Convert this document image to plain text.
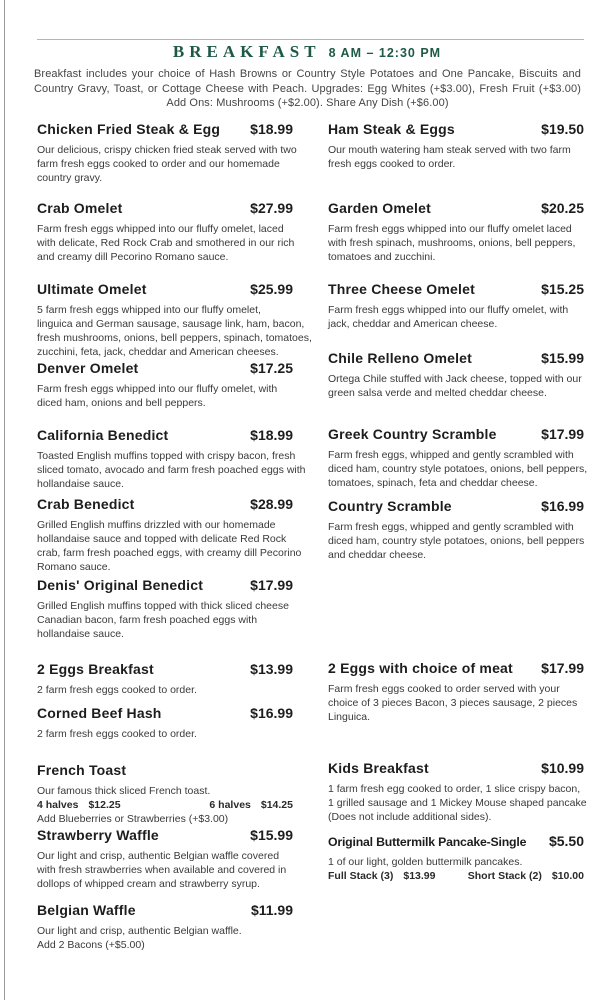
BREAKFAST 8 AM – 12:30 PM
Breakfast includes your choice of Hash Browns or Country Style Potatoes and One Pancake, Biscuits and Country Gravy, Toast, or Cottage Cheese with Peach. Upgrades: Egg Whites (+$3.00), Fresh Fruit (+$3.00) Add Ons: Mushrooms (+$2.00). Share Any Dish (+$6.00)
Chicken Fried Steak & Egg $18.99
Our delicious, crispy chicken fried steak served with two
farm fresh eggs cooked to order and our homemade
country gravy.
Crab Omelet	$27.99
Farm fresh eggs whipped into our fluffy omelet, laced
with delicate, Red Rock Crab and smothered in our rich
and creamy dill Pecorino Romano sauce.
Ultimate Omelet	$25.99
5 farm fresh eggs whipped into our fluffy omelet,
linguica and German sausage, sausage link, ham, bacon,
fresh mushrooms, onions, bell peppers, spinach, tomatoes,
zucchini, feta, jack, cheddar and American cheeses.
Denver Omelet	$17.25
Farm fresh eggs whipped into our fluffy omelet, with
diced ham, onions and bell peppers.
California Benedict	$18.99
Toasted English muffins topped with crispy bacon, fresh
sliced tomato, avocado and farm fresh poached eggs with
hollandaise sauce.
Crab Benedict	$28.99
Grilled English muffins drizzled with our homemade
hollandaise sauce and topped with delicate Red Rock
crab, farm fresh poached eggs, with creamy dill Pecorino
Romano sauce.
Denis' Original Benedict	$17.99
Grilled English muffins topped with thick sliced cheese
Canadian bacon, farm fresh poached eggs with
hollandaise sauce.
2 Eggs Breakfast	$13.99
2 farm fresh eggs cooked to order.
Corned Beef Hash	$16.99
2 farm fresh eggs cooked to order.
French Toast
Our famous thick sliced French toast.
4 halves $12.25	6 halves $14.25
Add Blueberries or Strawberries (+$3.00)
Strawberry Waffle	$15.99
Our light and crisp, authentic Belgian waffle covered
with fresh strawberries when available and covered in
dollops of whipped cream and strawberry syrup.
Belgian Waffle	$11.99
Our light and crisp, authentic Belgian waffle.
Add 2 Bacons (+$5.00)
Ham Steak & Eggs	$19.50
Our mouth watering ham steak served with two farm
fresh eggs cooked to order.
Garden Omelet	$20.25
Farm fresh eggs whipped into our fluffy omelet laced
with fresh spinach, mushrooms, onions, bell peppers,
tomatoes and zucchini.
Three Cheese Omelet	$15.25
Farm fresh eggs whipped into our fluffy omelet, with
jack, cheddar and American cheese.
Chile Relleno Omelet	$15.99
Ortega Chile stuffed with Jack cheese, topped with our
green salsa verde and melted cheddar cheese.
Greek Country Scramble	$17.99
Farm fresh eggs, whipped and gently scrambled with
diced ham, country style potatoes, onions, bell peppers,
tomatoes, spinach, feta and cheddar cheese.
Country Scramble	$16.99
Farm fresh eggs, whipped and gently scrambled with
diced ham, country style potatoes, onions, bell peppers
and cheddar cheese.
2 Eggs with choice of meat $17.99
Farm fresh eggs cooked to order served with your
choice of 3 pieces Bacon, 3 pieces sausage, 2 pieces
Linguica.
Kids Breakfast	$10.99
1 farm fresh egg cooked to order, 1 slice crispy bacon,
1 grilled sausage and 1 Mickey Mouse shaped pancake
(Does not include additional sides).
Original Buttermilk Pancake-Single $5.50
1 of our light, golden buttermilk pancakes.
Full Stack (3) $13.99	Short Stack (2) $10.00
